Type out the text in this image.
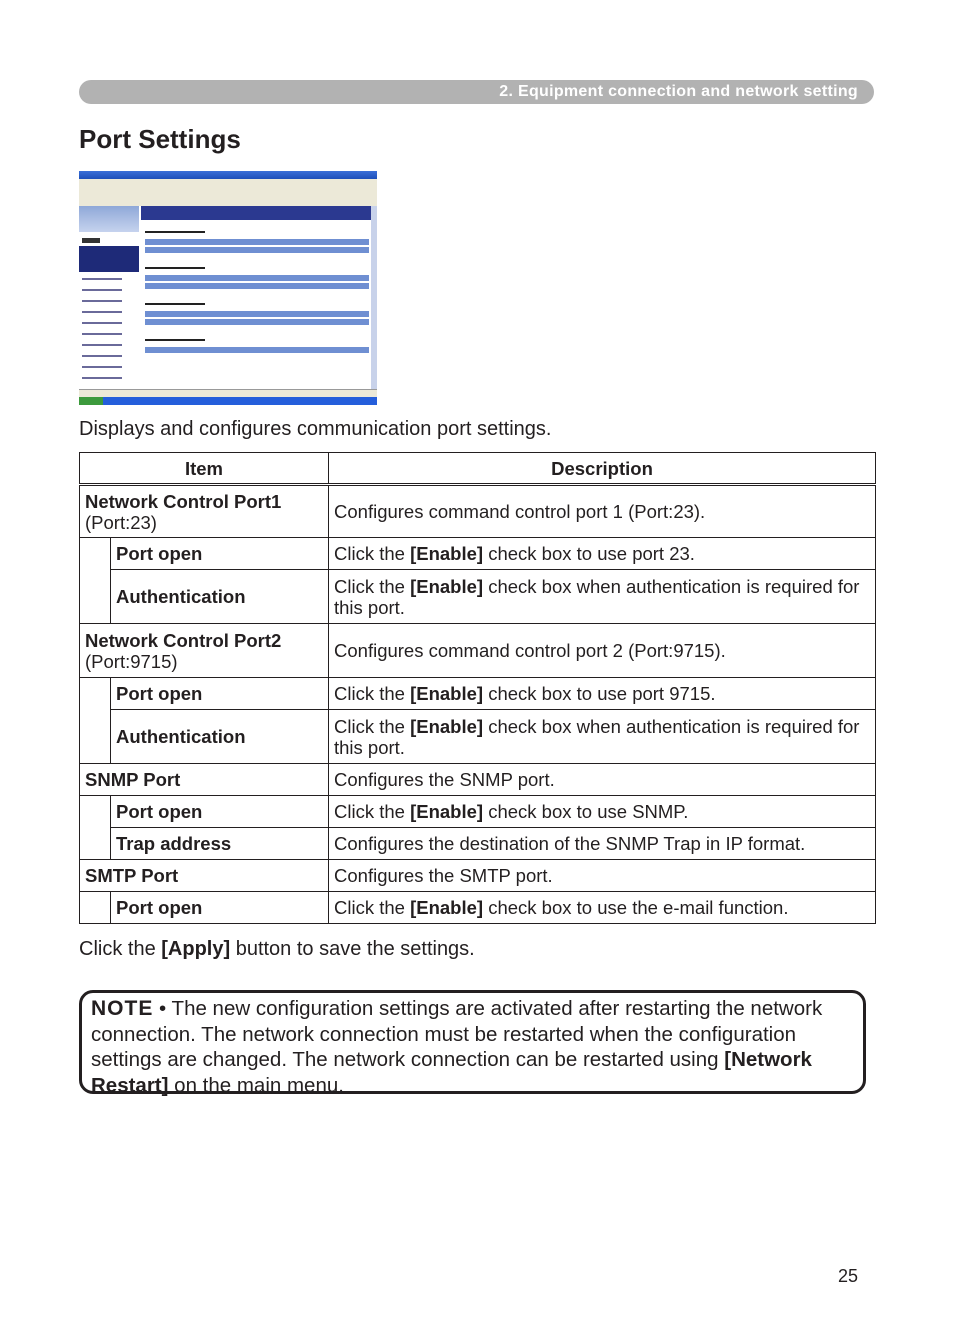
2. Equipment connection and network setting
Port Settings

Displays and configures communication port settings.

Item		Description
Network Control Port1
(Port:23)		Configures command control port 1 (Port:23).
	Port open	Click the [Enable] check box to use port 23.
	Authentication	Click the [Enable] check box when authentication is required for this port.
Network Control Port2
(Port:9715)		Configures command control port 2 (Port:9715).
	Port open	Click the [Enable] check box to use port 9715.
	Authentication	Click the [Enable] check box when authentication is required for this port.
SNMP Port		Configures the SNMP port.
	Port open	Click the [Enable] check box to use SNMP.
	Trap address	Configures the destination of the SNMP Trap in IP format.
SMTP Port		Configures the SMTP port.
	Port open	Click the [Enable] check box to use the e-mail function.

Click the [Apply] button to save the settings.

NOTE • The new configuration settings are activated after restarting the network connection. The network connection must be restarted when the configuration settings are changed. The network connection can be restarted using [Network Restart] on the main menu.

25
